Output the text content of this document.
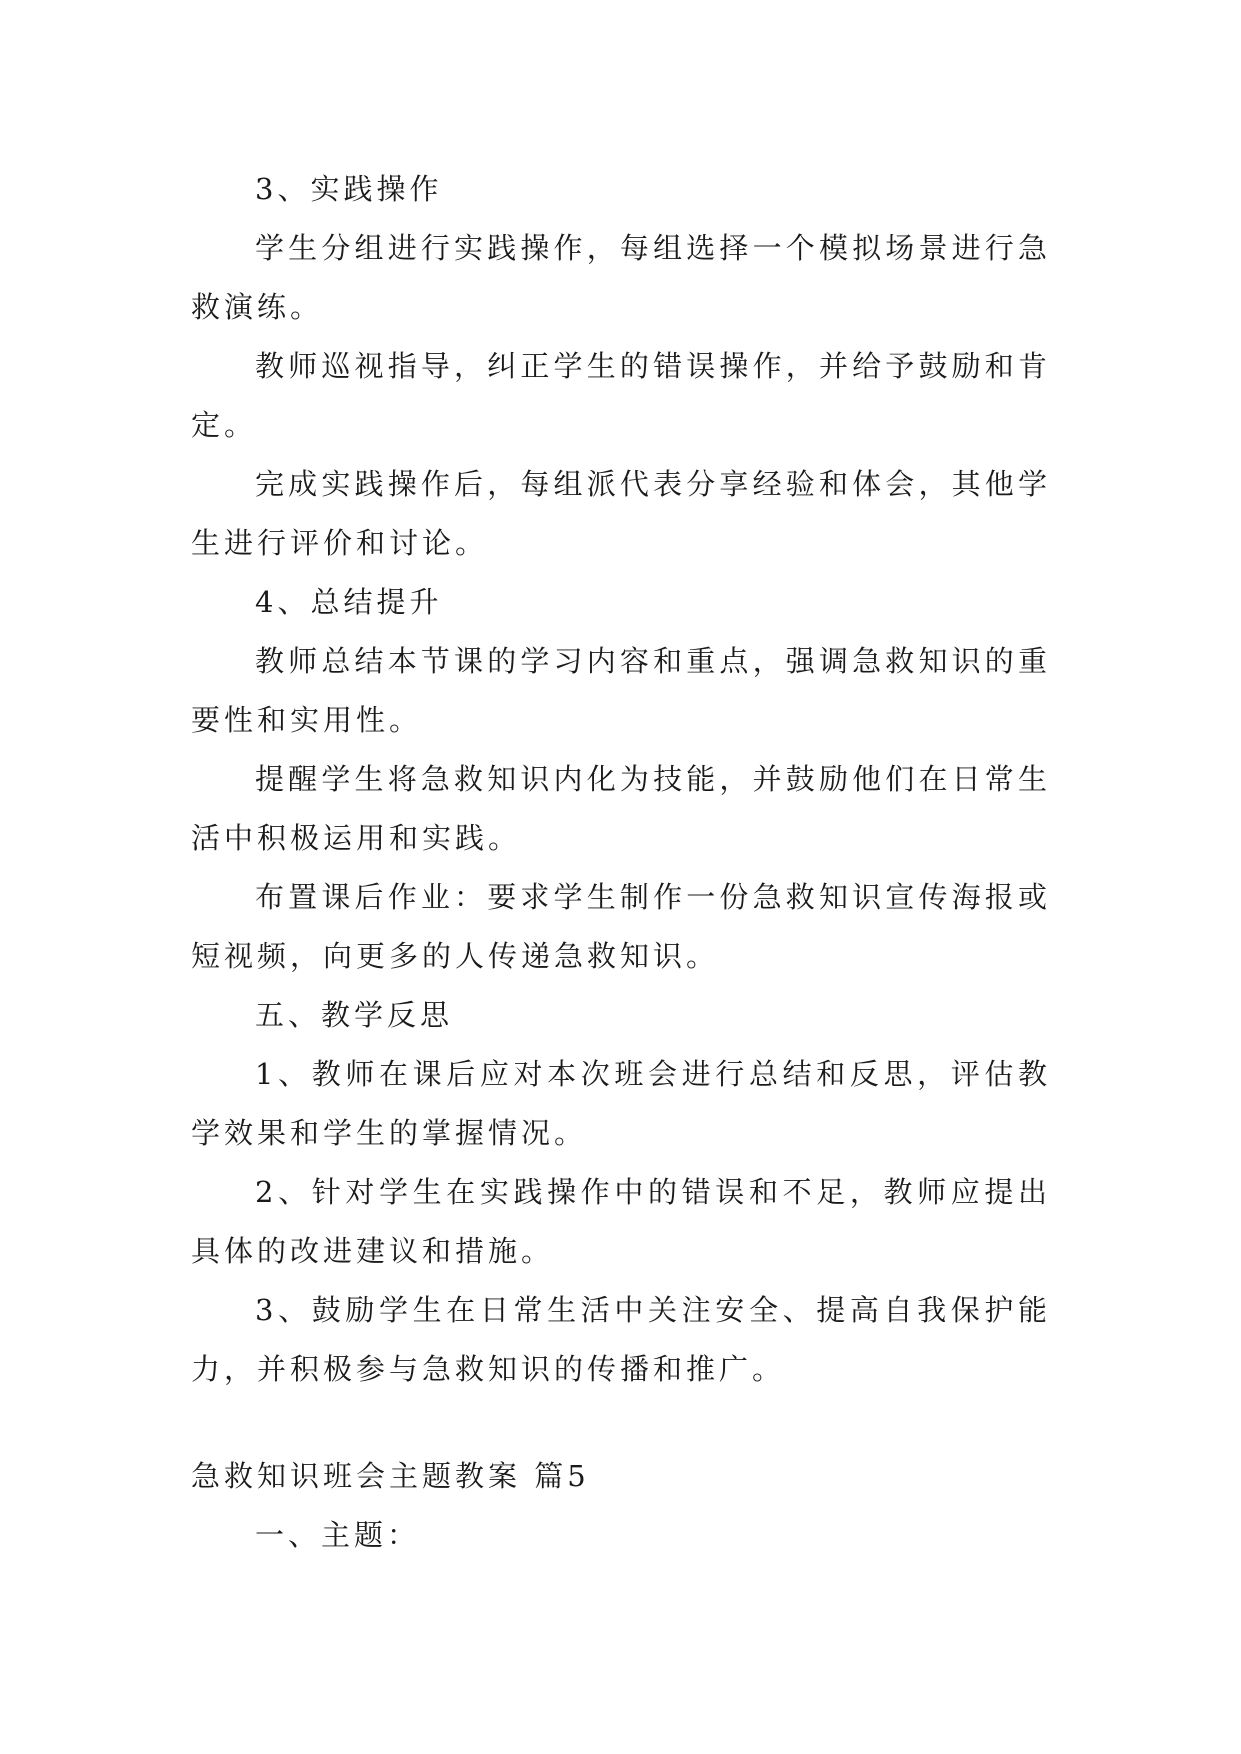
3、实践操作

学生分组进行实践操作，每组选择一个模拟场景进行急救演练。

教师巡视指导，纠正学生的错误操作，并给予鼓励和肯定。

完成实践操作后，每组派代表分享经验和体会，其他学生进行评价和讨论。

4、总结提升

教师总结本节课的学习内容和重点，强调急救知识的重要性和实用性。

提醒学生将急救知识内化为技能，并鼓励他们在日常生活中积极运用和实践。

布置课后作业：要求学生制作一份急救知识宣传海报或短视频，向更多的人传递急救知识。

五、教学反思

1、教师在课后应对本次班会进行总结和反思，评估教学效果和学生的掌握情况。

2、针对学生在实践操作中的错误和不足，教师应提出具体的改进建议和措施。

3、鼓励学生在日常生活中关注安全、提高自我保护能力，并积极参与急救知识的传播和推广。

急救知识班会主题教案 篇5

一、主题：
